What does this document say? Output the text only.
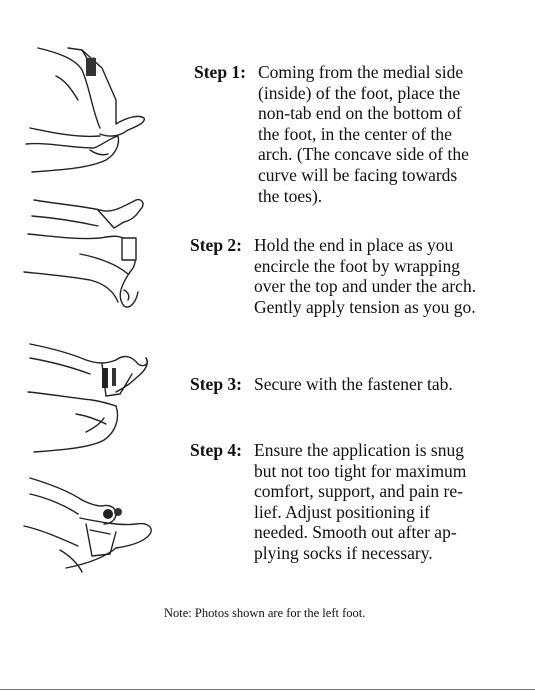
Step 1: Coming from the medial side
(inside) of the foot, place the
non-tab end on the bottom of
the foot, in the center of the
arch. (The concave side of the
curve will be facing towards
the toes).
Step 2: Hold the end in place as you
encircle the foot by wrapping
over the top and under the arch.
Gently apply tension as you go.
Step 3: Secure with the fastener tab.
Step 4: Ensure the application is snug
but not too tight for maximum
comfort, support, and pain re-
lief. Adjust positioning if
needed. Smooth out after ap-
plying socks if necessary.
Note: Photos shown are for the left foot.
